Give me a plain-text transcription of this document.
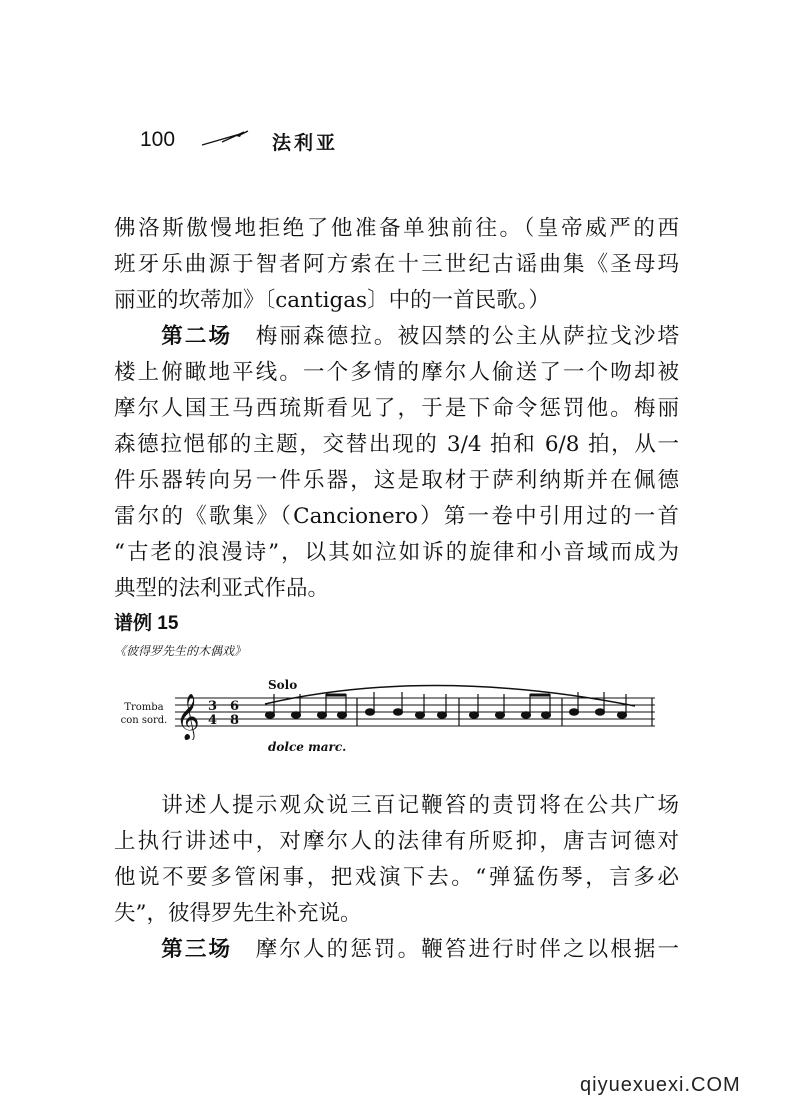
100	法利亚
佛洛斯傲慢地拒绝了他准备单独前往。（皇帝威严的西
班牙乐曲源于智者阿方索在十三世纪古谣曲集《圣母玛
丽亚的坎蒂加》〔cantigas〕中的一首民歌。）
　　第二场　 梅丽森德拉。被囚禁的公主从萨拉戈沙塔
楼上俯瞰地平线。一个多情的摩尔人偷送了一个吻却被
摩尔人国王马西琉斯看见了，于是下命令惩罚他。梅丽
森德拉悒郁的主题，交替出现的 3/4 拍和 6/8 拍，从一
件乐器转向另一件乐器，这是取材于萨利纳斯并在佩德
雷尔的《歌集》（Cancionero）第一卷中引用过的一首
“古老的浪漫诗”，以其如泣如诉的旋律和小音域而成为
典型的法利亚式作品。
谱例 15
《彼得罗先生的木偶戏》
Tromba
con sord.
Solo
dolce marc.
𝄞 3
4
6
8
　　讲述人提示观众说三百记鞭笞的责罚将在公共广场
上执行讲述中，对摩尔人的法律有所贬抑，唐吉诃德对
他说不要多管闲事，把戏演下去。“弹猛伤琴，言多必
失”，彼得罗先生补充说。
　　第三场　 摩尔人的惩罚。鞭笞进行时伴之以根据一
qiyuexuexi.COM
